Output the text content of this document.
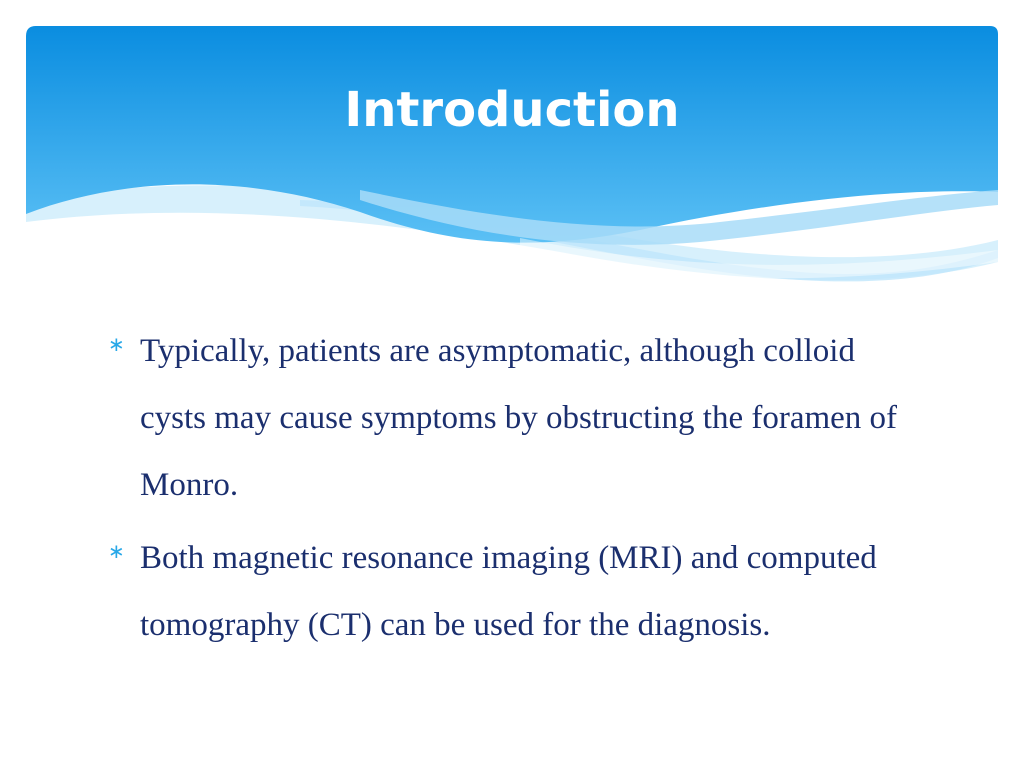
Introduction
∗ Typically, patients are asymptomatic, although colloid cysts may cause symptoms by obstructing the foramen of Monro.
∗ Both magnetic resonance imaging (MRI) and computed tomography (CT) can be used for the diagnosis.
